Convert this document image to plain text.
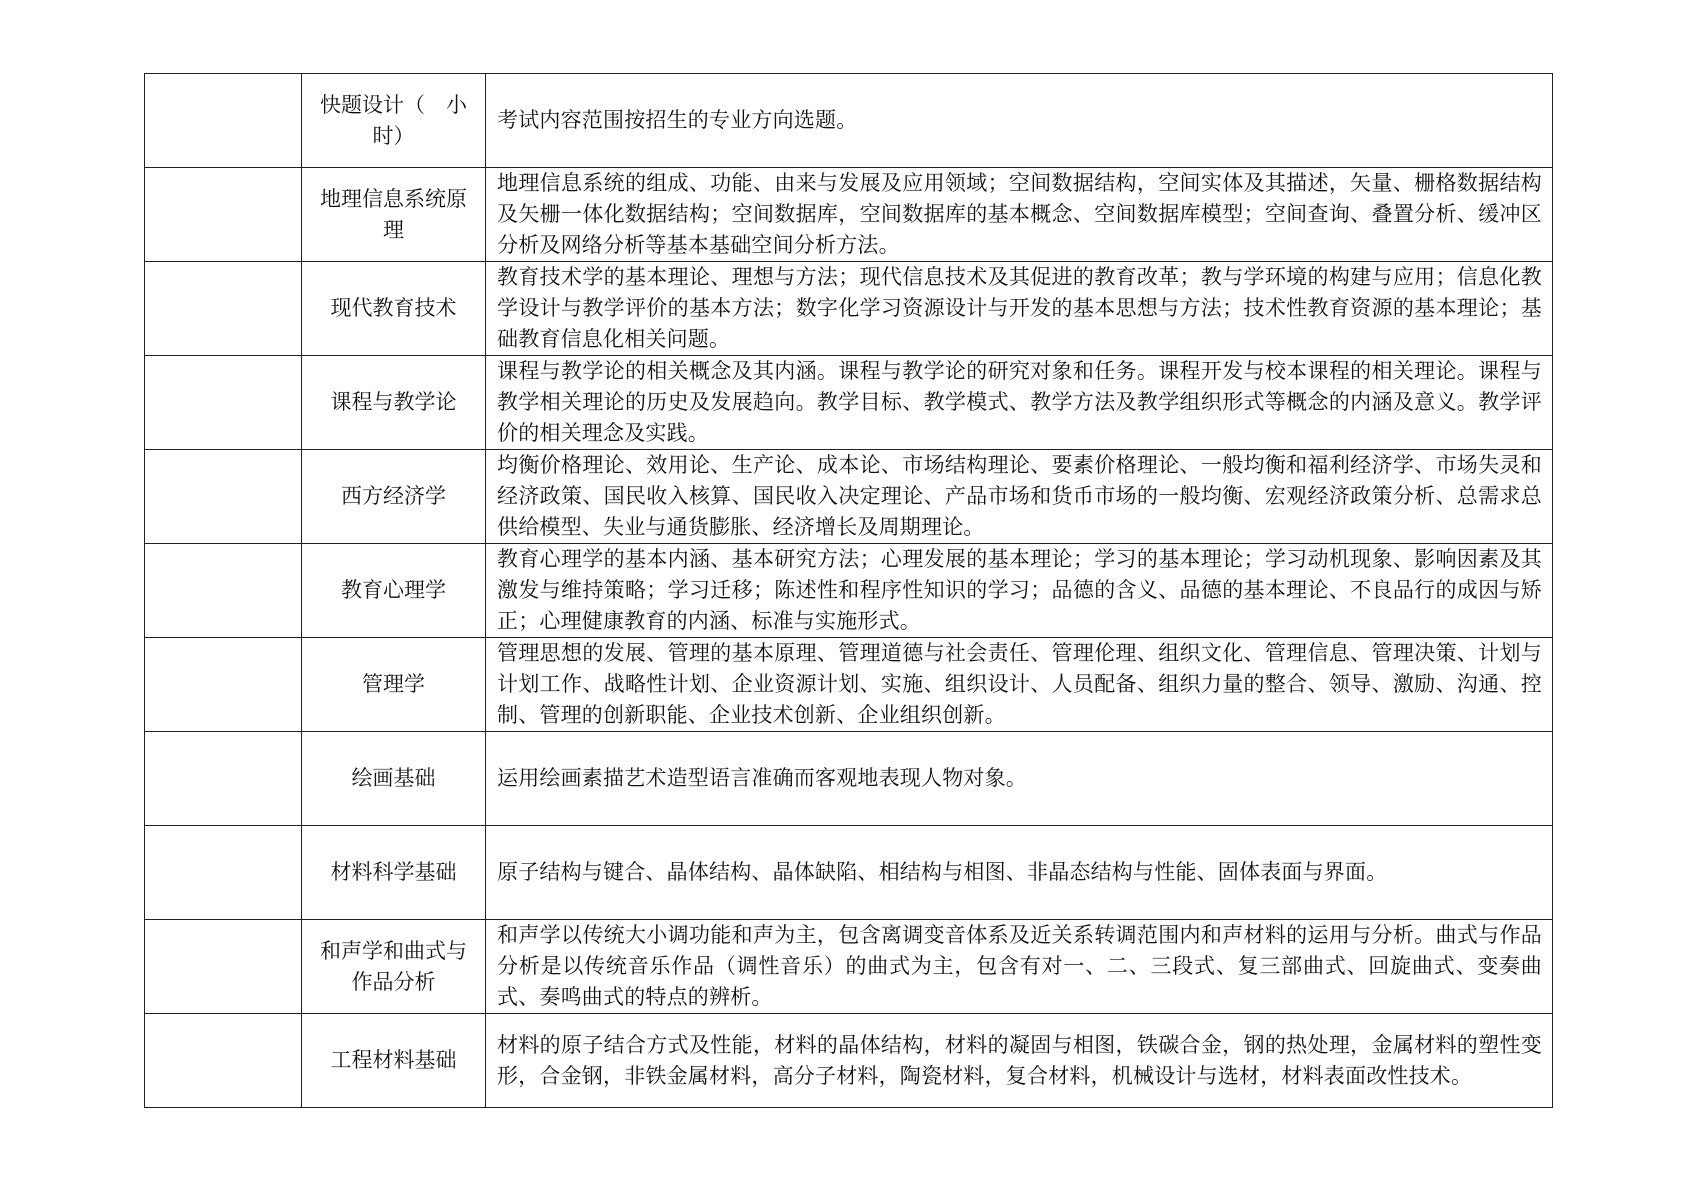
	快题设计（　小时）	考试内容范围按招生的专业方向选题。
	地理信息系统原理	地理信息系统的组成、功能、由来与发展及应用领域；空间数据结构，空间实体及其描述，矢量、栅格数据结构及矢栅一体化数据结构；空间数据库，空间数据库的基本概念、空间数据库模型；空间查询、叠置分析、缓冲区分析及网络分析等基本基础空间分析方法。
	现代教育技术	教育技术学的基本理论、理想与方法；现代信息技术及其促进的教育改革；教与学环境的构建与应用；信息化教学设计与教学评价的基本方法；数字化学习资源设计与开发的基本思想与方法；技术性教育资源的基本理论；基础教育信息化相关问题。
	课程与教学论	课程与教学论的相关概念及其内涵。课程与教学论的研究对象和任务。课程开发与校本课程的相关理论。课程与教学相关理论的历史及发展趋向。教学目标、教学模式、教学方法及教学组织形式等概念的内涵及意义。教学评价的相关理念及实践。
	西方经济学	均衡价格理论、效用论、生产论、成本论、市场结构理论、要素价格理论、一般均衡和福利经济学、市场失灵和经济政策、国民收入核算、国民收入决定理论、产品市场和货币市场的一般均衡、宏观经济政策分析、总需求总供给模型、失业与通货膨胀、经济增长及周期理论。
	教育心理学	教育心理学的基本内涵、基本研究方法；心理发展的基本理论；学习的基本理论；学习动机现象、影响因素及其激发与维持策略；学习迁移；陈述性和程序性知识的学习；品德的含义、品德的基本理论、不良品行的成因与矫正；心理健康教育的内涵、标准与实施形式。
	管理学	管理思想的发展、管理的基本原理、管理道德与社会责任、管理伦理、组织文化、管理信息、管理决策、计划与计划工作、战略性计划、企业资源计划、实施、组织设计、人员配备、组织力量的整合、领导、激励、沟通、控制、管理的创新职能、企业技术创新、企业组织创新。
	绘画基础	运用绘画素描艺术造型语言准确而客观地表现人物对象。
	材料科学基础	原子结构与键合、晶体结构、晶体缺陷、相结构与相图、非晶态结构与性能、固体表面与界面。
	和声学和曲式与作品分析	和声学以传统大小调功能和声为主，包含离调变音体系及近关系转调范围内和声材料的运用与分析。曲式与作品分析是以传统音乐作品（调性音乐）的曲式为主，包含有对一、二、三段式、复三部曲式、回旋曲式、变奏曲式、奏鸣曲式的特点的辨析。
	工程材料基础	材料的原子结合方式及性能，材料的晶体结构，材料的凝固与相图，铁碳合金，钢的热处理，金属材料的塑性变形，合金钢，非铁金属材料，高分子材料，陶瓷材料，复合材料，机械设计与选材，材料表面改性技术。
